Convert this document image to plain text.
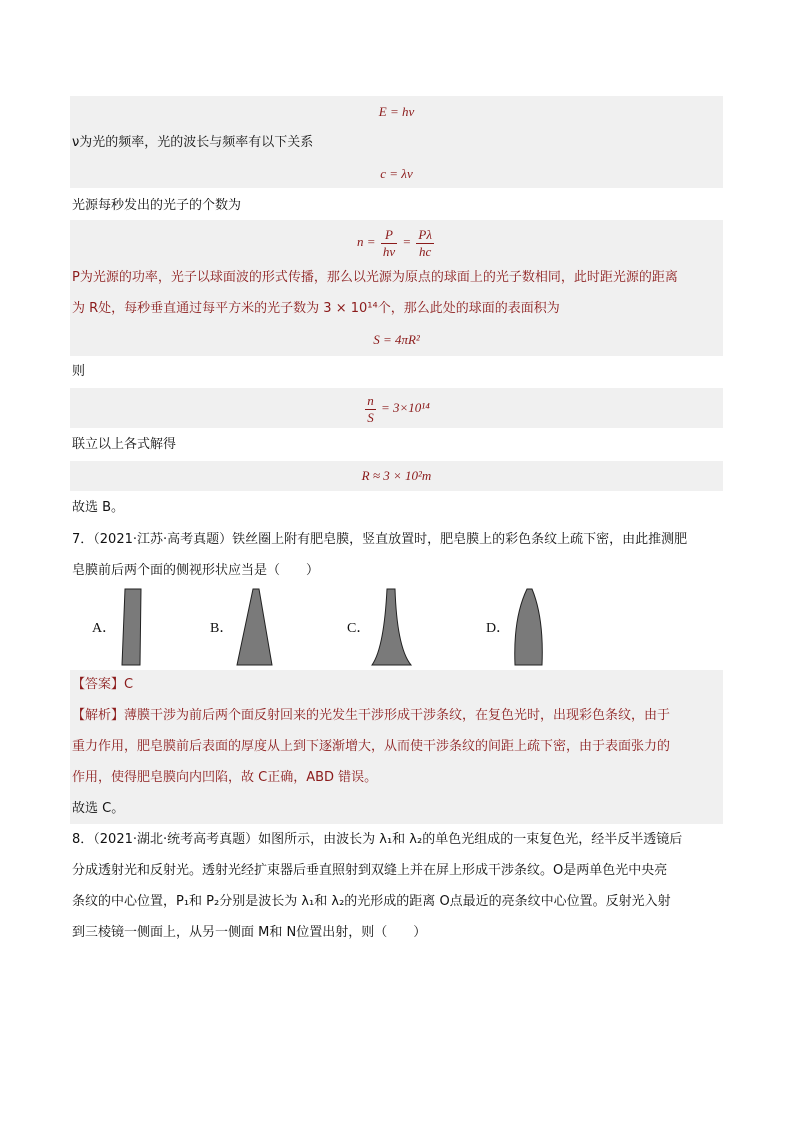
E = hν
ν为光的频率，光的波长与频率有以下关系
c = λν
光源每秒发出的光子的个数为
$n = \frac{P}{h\nu} = \frac{P\lambda}{hc}$
P为光源的功率，光子以球面波的形式传播，那么以光源为原点的球面上的光子数相同，此时距光源的距离
为 R处，每秒垂直通过每平方米的光子数为 3 × 10¹⁴个，那么此处的球面的表面积为
S = 4πR²
则
$\frac{n}{S} = 3\times 10^{14}$
联立以上各式解得
R ≈ 3 × 10²m
故选 B。
7．（2021·江苏·高考真题）铁丝圈上附有肥皂膜，竖直放置时，肥皂膜上的彩色条纹上疏下密，由此推测肥
皂膜前后两个面的侧视形状应当是（　　）
A．	B．	C．	D．
【答案】C
【解析】薄膜干涉为前后两个面反射回来的光发生干涉形成干涉条纹，在复色光时，出现彩色条纹，由于
重力作用，肥皂膜前后表面的厚度从上到下逐渐增大，从而使干涉条纹的间距上疏下密，由于表面张力的
作用，使得肥皂膜向内凹陷，故 C正确，ABD 错误。
故选 C。
8．（2021·湖北·统考高考真题）如图所示，由波长为 λ₁和 λ₂的单色光组成的一束复色光，经半反半透镜后
分成透射光和反射光。透射光经扩束器后垂直照射到双缝上并在屏上形成干涉条纹。O是两单色光中央亮
条纹的中心位置，P₁和 P₂分别是波长为 λ₁和 λ₂的光形成的距离 O点最近的亮条纹中心位置。反射光入射
到三棱镜一侧面上，从另一侧面 M和 N位置出射，则（　　）
